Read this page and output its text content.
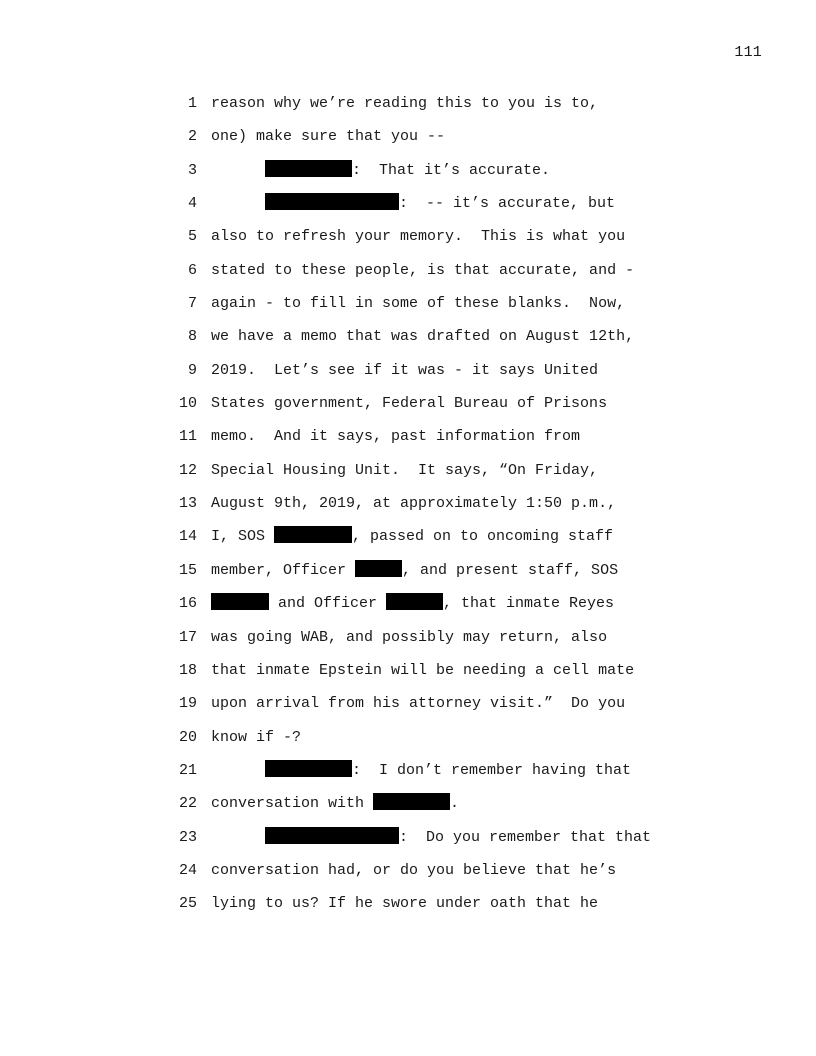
111
1 reason why we’re reading this to you is to,
2 one) make sure that you --
3	:  That it’s accurate.
4	:  -- it’s accurate, but
5 also to refresh your memory.  This is what you
6 stated to these people, is that accurate, and -
7 again - to fill in some of these blanks.  Now,
8 we have a memo that was drafted on August 12th,
9 2019.  Let’s see if it was - it says United
10 States government, Federal Bureau of Prisons
11 memo.  And it says, past information from
12 Special Housing Unit.  It says, “On Friday,
13 August 9th, 2019, at approximately 1:50 p.m.,
14 I, SOS	, passed on to oncoming staff
15 member, Officer	, and present staff, SOS
16	and Officer	, that inmate Reyes
17 was going WAB, and possibly may return, also
18 that inmate Epstein will be needing a cell mate
19 upon arrival from his attorney visit.”  Do you
20 know if -?
21	:  I don’t remember having that
22 conversation with	.
23	:  Do you remember that that
24 conversation had, or do you believe that he’s
25 lying to us? If he swore under oath that he
